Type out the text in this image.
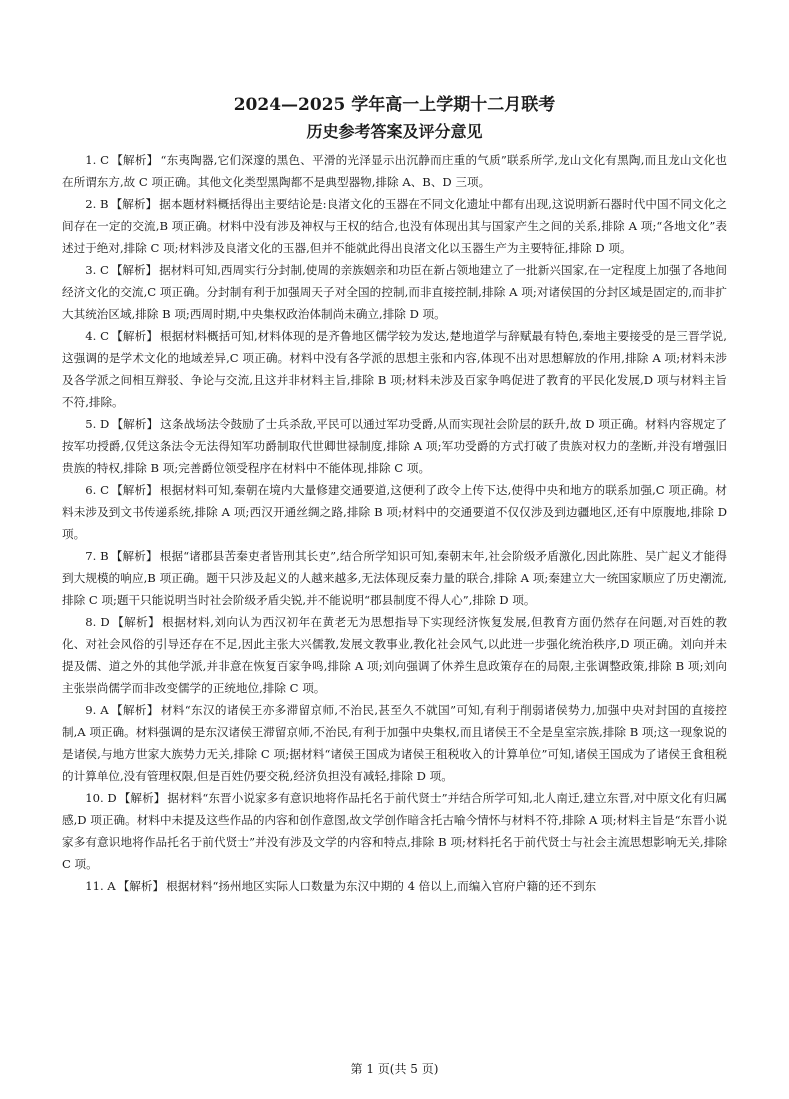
2024—2025 学年高一上学期十二月联考
历史参考答案及评分意见

1. C 【解析】 “东夷陶器,它们深邃的黑色、平滑的光泽显示出沉静而庄重的气质”联系所学,龙山文化有黑陶,而且龙山文化也在所谓东方,故 C 项正确。其他文化类型黑陶都不是典型器物,排除 A、B、D 三项。

2. B 【解析】 据本题材料概括得出主要结论是:良渚文化的玉器在不同文化遗址中都有出现,这说明新石器时代中国不同文化之间存在一定的交流,B 项正确。材料中没有涉及神权与王权的结合,也没有体现出其与国家产生之间的关系,排除 A 项;“各地文化”表述过于绝对,排除 C 项;材料涉及良渚文化的玉器,但并不能就此得出良渚文化以玉器生产为主要特征,排除 D 项。

3. C 【解析】 据材料可知,西周实行分封制,使周的亲族姻亲和功臣在新占领地建立了一批新兴国家,在一定程度上加强了各地间经济文化的交流,C 项正确。分封制有利于加强周天子对全国的控制,而非直接控制,排除 A 项;对诸侯国的分封区域是固定的,而非扩大其统治区域,排除 B 项;西周时期,中央集权政治体制尚未确立,排除 D 项。

4. C 【解析】 根据材料概括可知,材料体现的是齐鲁地区儒学较为发达,楚地道学与辞赋最有特色,秦地主要接受的是三晋学说,这强调的是学术文化的地域差异,C 项正确。材料中没有各学派的思想主张和内容,体现不出对思想解放的作用,排除 A 项;材料未涉及各学派之间相互辩驳、争论与交流,且这并非材料主旨,排除 B 项;材料未涉及百家争鸣促进了教育的平民化发展,D 项与材料主旨不符,排除。

5. D 【解析】 这条战场法令鼓励了士兵杀敌,平民可以通过军功受爵,从而实现社会阶层的跃升,故 D 项正确。材料内容规定了按军功授爵,仅凭这条法令无法得知军功爵制取代世卿世禄制度,排除 A 项;军功受爵的方式打破了贵族对权力的垄断,并没有增强旧贵族的特权,排除 B 项;完善爵位领受程序在材料中不能体现,排除 C 项。

6. C 【解析】 根据材料可知,秦朝在境内大量修建交通要道,这便利了政令上传下达,使得中央和地方的联系加强,C 项正确。材料未涉及到文书传递系统,排除 A 项;西汉开通丝绸之路,排除 B 项;材料中的交通要道不仅仅涉及到边疆地区,还有中原腹地,排除 D 项。

7. B 【解析】 根据“诸郡县苦秦吏者皆刑其长吏”,结合所学知识可知,秦朝末年,社会阶级矛盾激化,因此陈胜、吴广起义才能得到大规模的响应,B 项正确。题干只涉及起义的人越来越多,无法体现反秦力量的联合,排除 A 项;秦建立大一统国家顺应了历史潮流,排除 C 项;题干只能说明当时社会阶级矛盾尖锐,并不能说明“郡县制度不得人心”,排除 D 项。

8. D 【解析】 根据材料,刘向认为西汉初年在黄老无为思想指导下实现经济恢复发展,但教育方面仍然存在问题,对百姓的教化、对社会风俗的引导还存在不足,因此主张大兴儒教,发展文教事业,教化社会风气,以此进一步强化统治秩序,D 项正确。刘向并未提及儒、道之外的其他学派,并非意在恢复百家争鸣,排除 A 项;刘向强调了休养生息政策存在的局限,主张调整政策,排除 B 项;刘向主张崇尚儒学而非改变儒学的正统地位,排除 C 项。

9. A 【解析】 材料“东汉的诸侯王亦多滞留京师,不治民,甚至久不就国”可知,有利于削弱诸侯势力,加强中央对封国的直接控制,A 项正确。材料强调的是东汉诸侯王滞留京师,不治民,有利于加强中央集权,而且诸侯王不全是皇室宗族,排除 B 项;这一现象说的是诸侯,与地方世家大族势力无关,排除 C 项;据材料“诸侯王国成为诸侯王租税收入的计算单位”可知,诸侯王国成为了诸侯王食租税的计算单位,没有管理权限,但是百姓仍要交税,经济负担没有减轻,排除 D 项。

10. D 【解析】 据材料“东晋小说家多有意识地将作品托名于前代贤士”并结合所学可知,北人南迁,建立东晋,对中原文化有归属感,D 项正确。材料中未提及这些作品的内容和创作意图,故文学创作暗含托古喻今情怀与材料不符,排除 A 项;材料主旨是“东晋小说家多有意识地将作品托名于前代贤士”并没有涉及文学的内容和特点,排除 B 项;材料托名于前代贤士与社会主流思想影响无关,排除 C 项。

11. A 【解析】 根据材料“扬州地区实际人口数量为东汉中期的 4 倍以上,而编入官府户籍的还不到东

第 1 页(共 5 页)
